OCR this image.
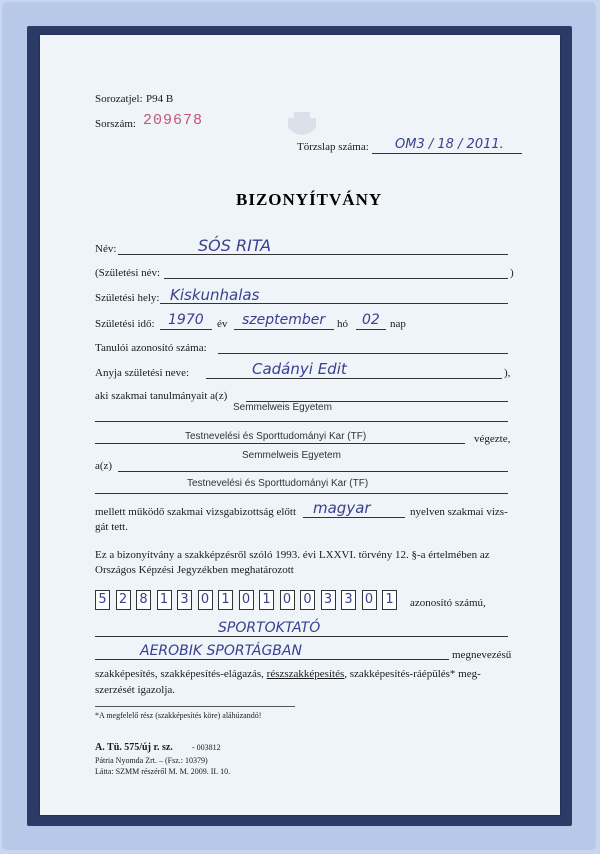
Sorozatjel: P94 B
Sorszám: 209678
Törzslap száma: OM3 / 18 / 2011.
BIZONYÍTVÁNY
Név:	SÓS RITA
(Születési név:	)
Születési hely: Kiskunhalas
Születési idő: 1970 év szeptember hó 02 nap
Tanulói azonosító száma:
Anyja születési neve:	Cadányi Edit	),
aki szakmai tanulmányait a(z)
Semmelweis Egyetem
Testnevelési és Sporttudományi Kar (TF)	végezte,
Semmelweis Egyetem
a(z)
Testnevelési és Sporttudományi Kar (TF)
mellett működő szakmai vizsgabizottság előtt magyar	nyelven szakmai vizs-
gát tett.
Ez a bizonyítvány a szakképzésről szóló 1993. évi LXXVI. törvény 12. §-a értelmében az
Országos Képzési Jegyzékben meghatározott
5 2 8 1 3 0 1 0 1 0 0 3 3 0 1	azonosító számú,
SPORTOKTATÓ
AEROBIK SPORTÁGBAN	megnevezésű
szakképesítés, szakképesítés-elágazás, részszakképesítés, szakképesítés-ráépülés* meg-
szerzését igazolja.
*A megfelelő rész (szakképesítés köre) aláhúzandó!
A. Tü. 575/új r. sz. - 003812
Pátria Nyomda Zrt. – (Fsz.: 10379)
Látta: SZMM részéről M. M. 2009. II. 10.
